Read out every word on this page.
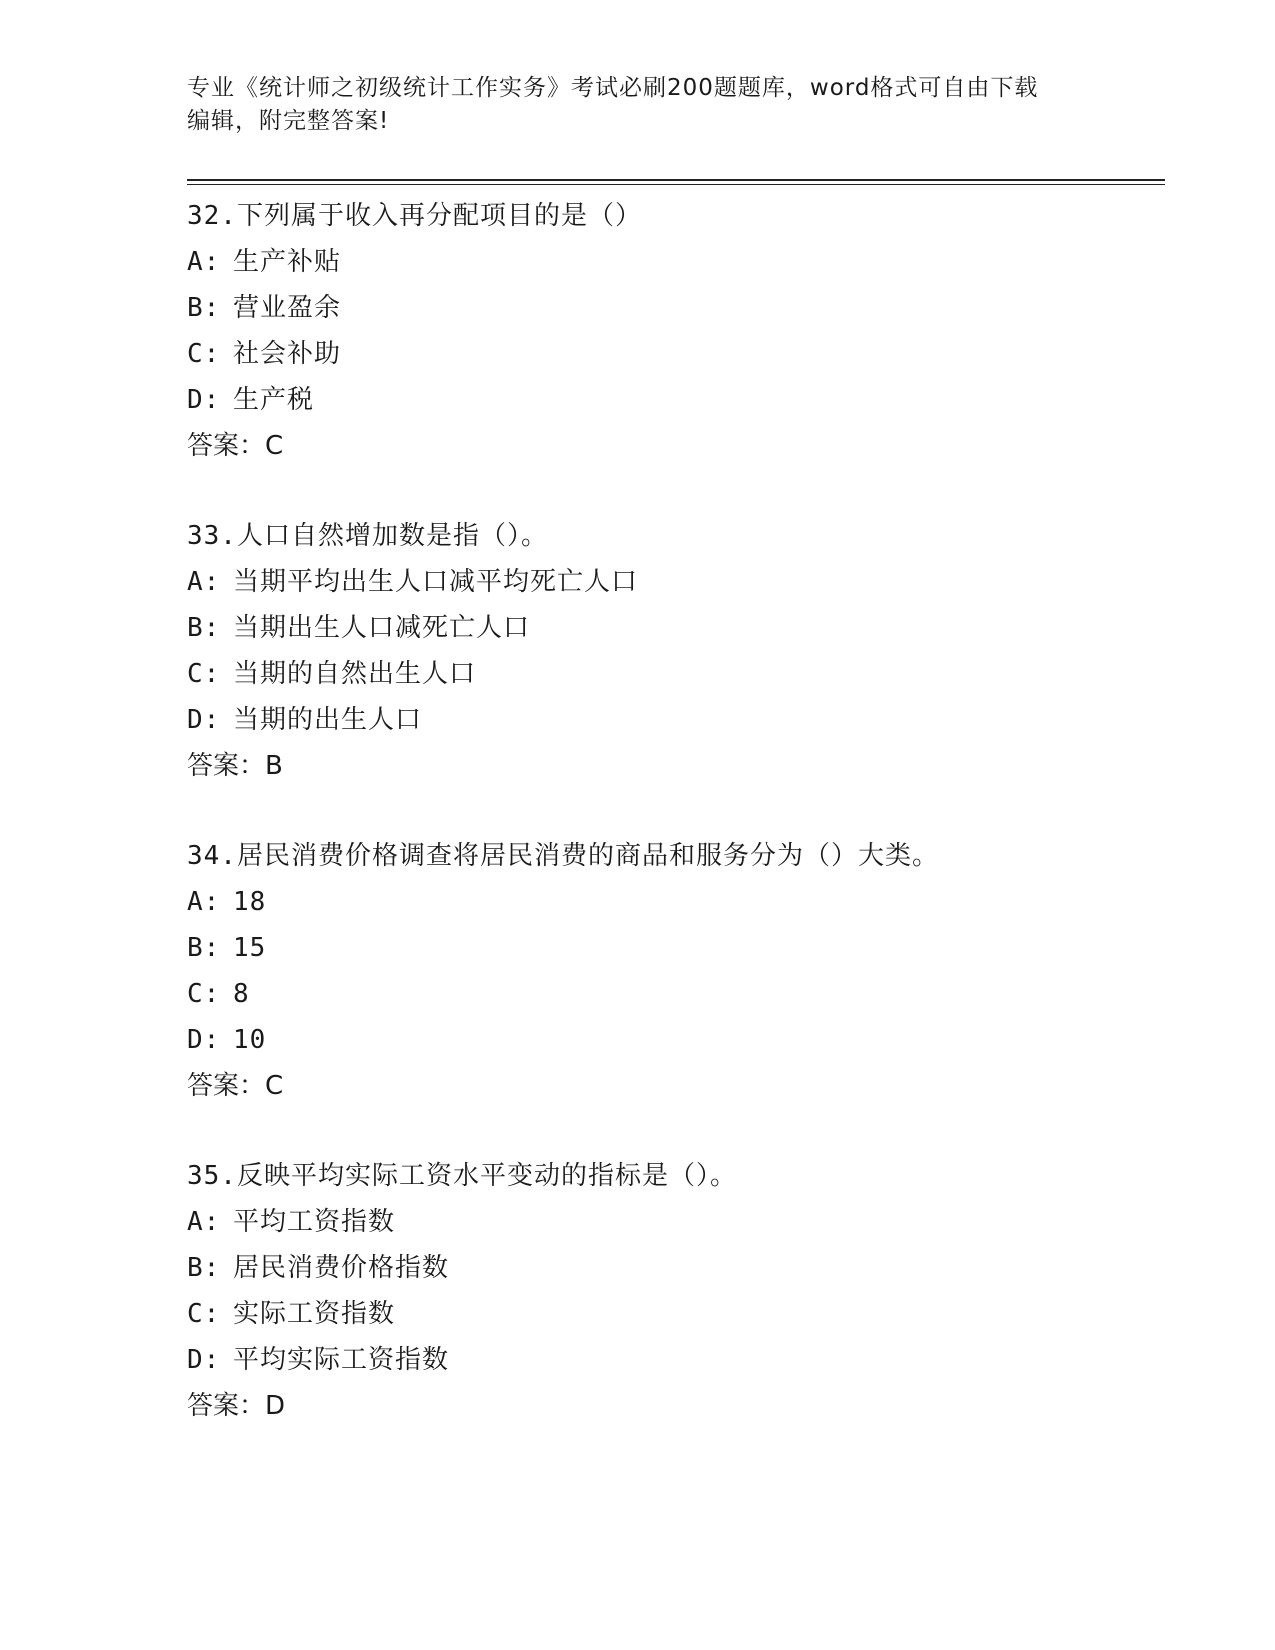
专业《统计师之初级统计工作实务》考试必刷200题题库，word格式可自由下载
编辑，附完整答案!
32.下列属于收入再分配项目的是（）
A: 生产补贴
B: 营业盈余
C: 社会补助
D: 生产税
答案：C
33.人口自然增加数是指（）。
A: 当期平均出生人口减平均死亡人口
B: 当期出生人口减死亡人口
C: 当期的自然出生人口
D: 当期的出生人口
答案：B
34.居民消费价格调查将居民消费的商品和服务分为（）大类。
A: 18
B: 15
C: 8
D: 10
答案：C
35.反映平均实际工资水平变动的指标是（）。
A: 平均工资指数
B: 居民消费价格指数
C: 实际工资指数
D: 平均实际工资指数
答案：D
